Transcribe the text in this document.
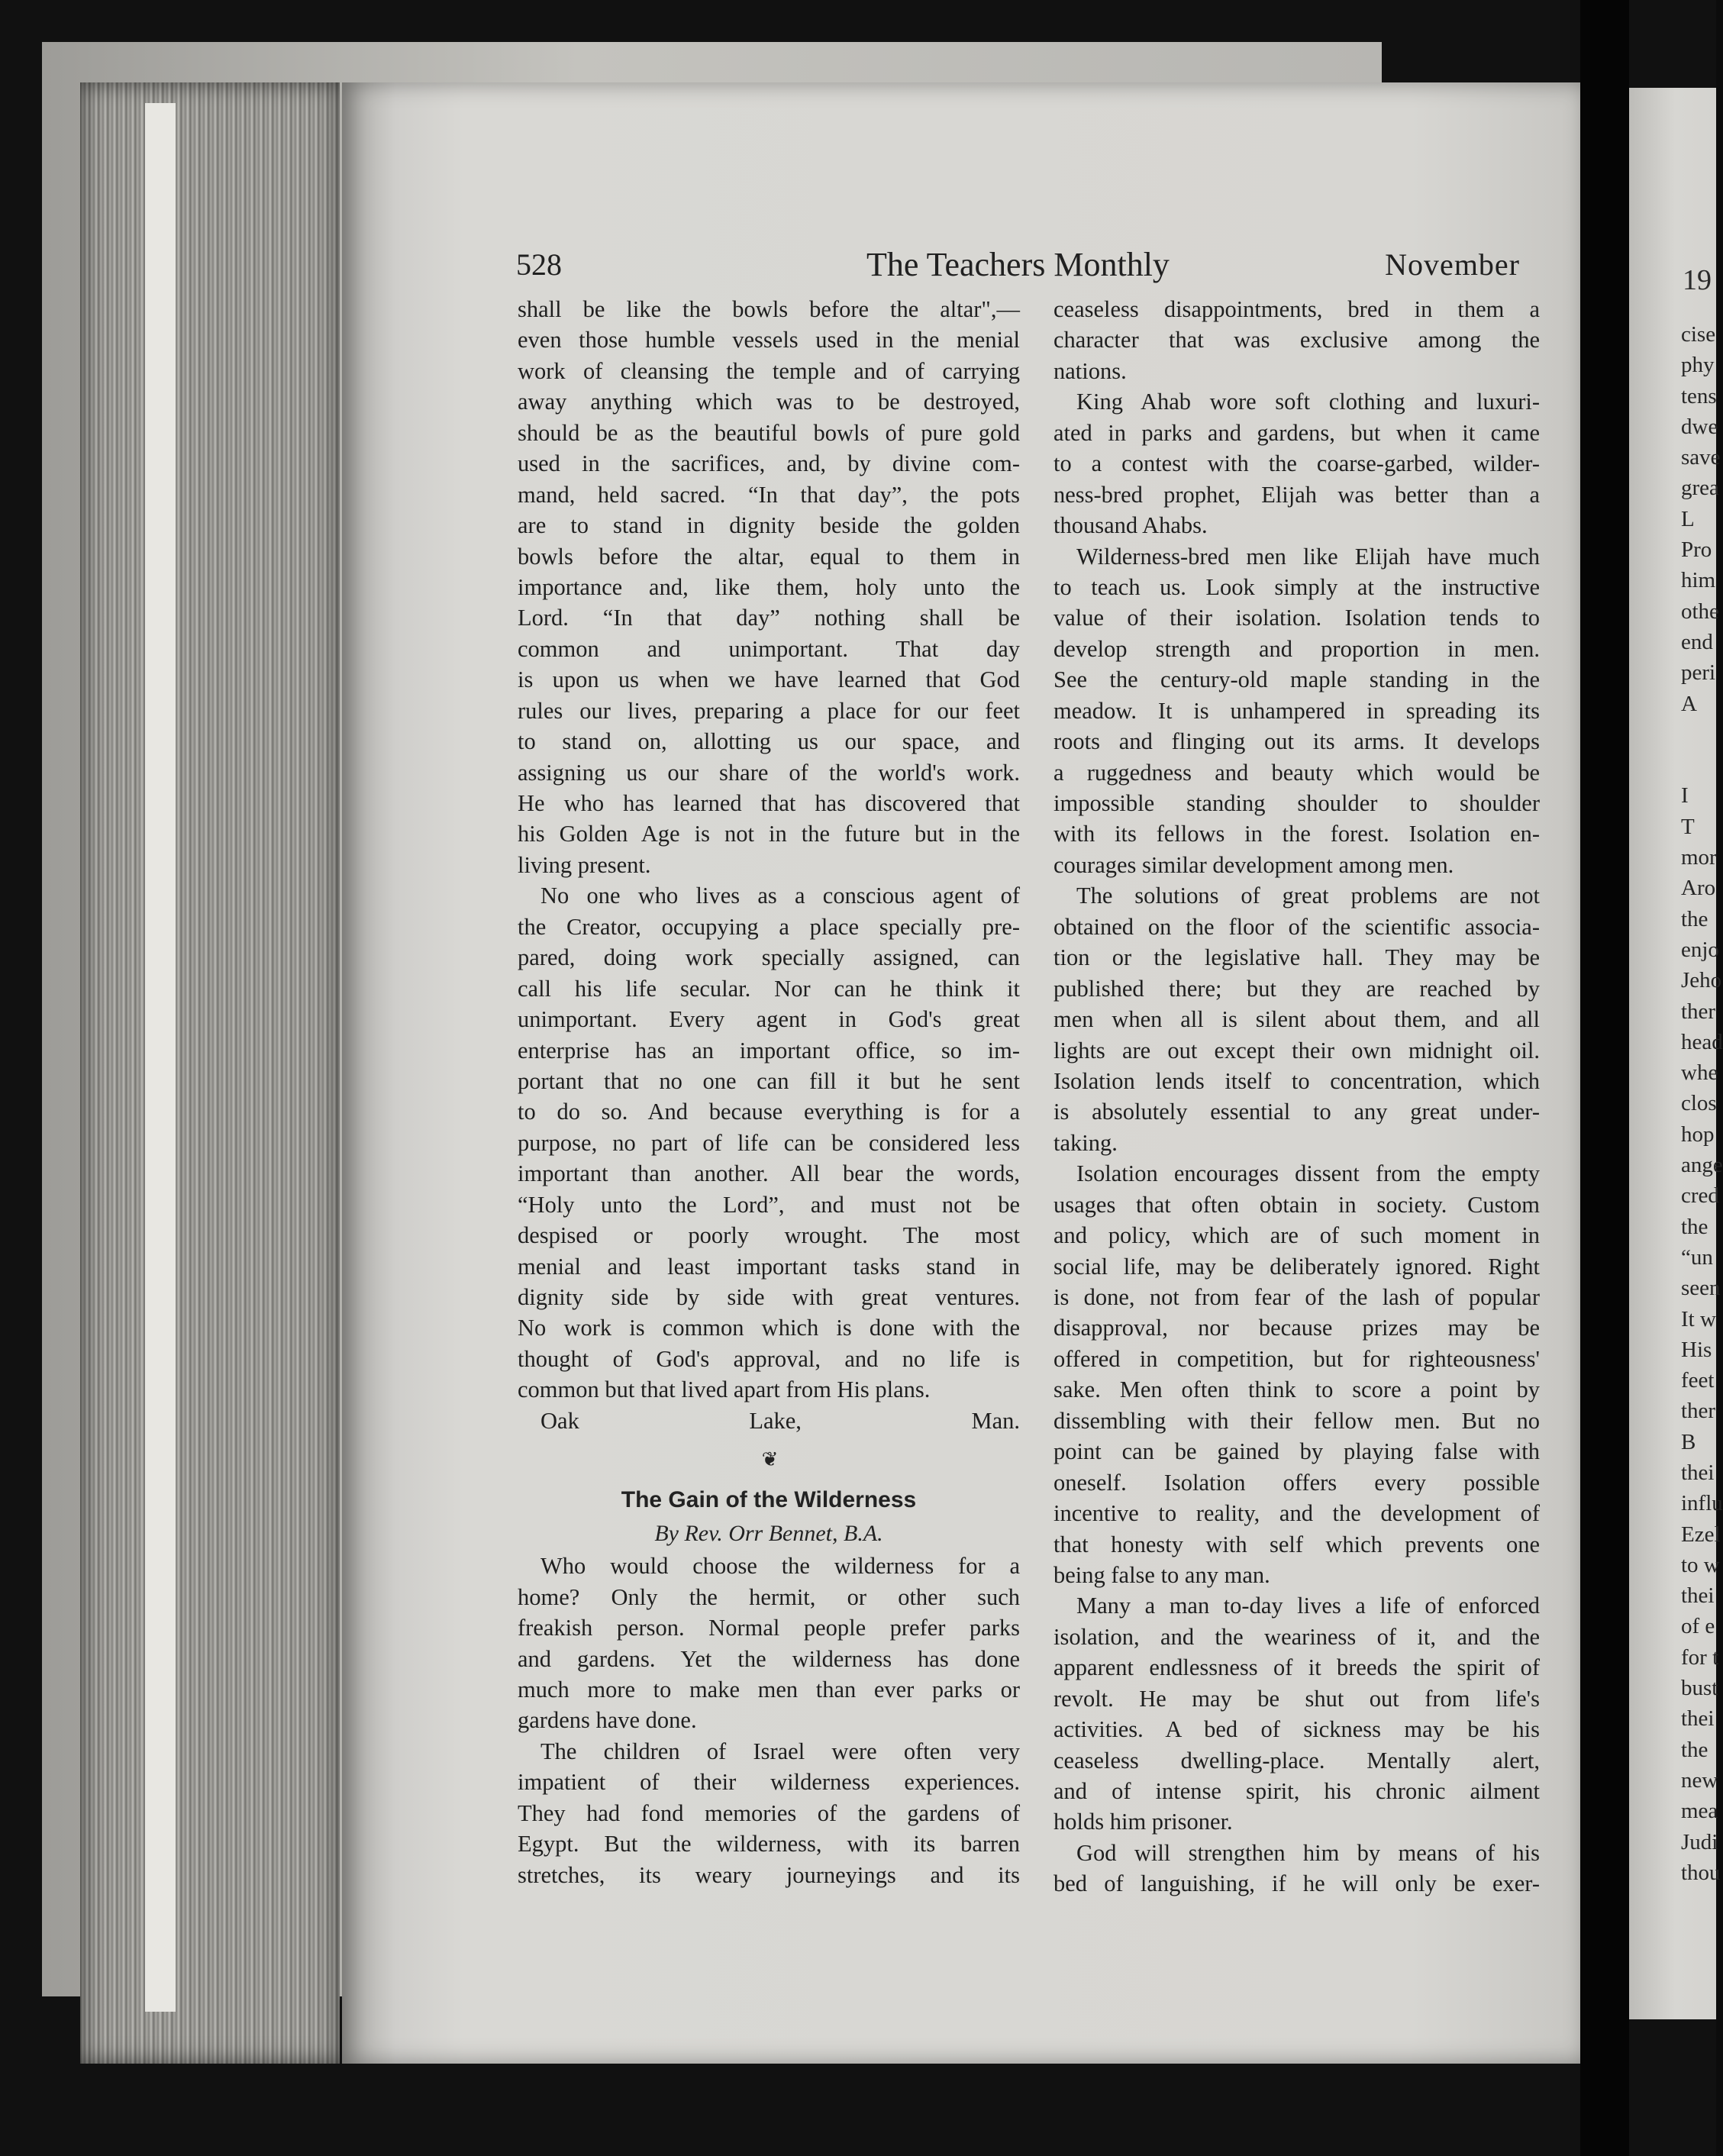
528	The Teachers Monthly	November
shall be like the bowls before the altar",—
even those humble vessels used in the menial
work of cleansing the temple and of carrying
away anything which was to be destroyed,
should be as the beautiful bowls of pure gold
used in the sacrifices, and, by divine com-
mand, held sacred. “In that day”, the pots
are to stand in dignity beside the golden
bowls before the altar, equal to them in
importance and, like them, holy unto the
Lord. “In that day” nothing shall be
common and unimportant. That day
is upon us when we have learned that God
rules our lives, preparing a place for our feet
to stand on, allotting us our space, and
assigning us our share of the world's work.
He who has learned that has discovered that
his Golden Age is not in the future but in the
living present.
No one who lives as a conscious agent of
the Creator, occupying a place specially pre-
pared, doing work specially assigned, can
call his life secular. Nor can he think it
unimportant. Every agent in God's great
enterprise has an important office, so im-
portant that no one can fill it but he sent
to do so. And because everything is for a
purpose, no part of life can be considered less
important than another. All bear the words,
“Holy unto the Lord”, and must not be
despised or poorly wrought. The most
menial and least important tasks stand in
dignity side by side with great ventures.
No work is common which is done with the
thought of God's approval, and no life is
common but that lived apart from His plans.
Oak Lake, Man.
❦
The Gain of the Wilderness
By Rev. Orr Bennet, B.A.
Who would choose the wilderness for a
home? Only the hermit, or other such
freakish person. Normal people prefer parks
and gardens. Yet the wilderness has done
much more to make men than ever parks or
gardens have done.
The children of Israel were often very
impatient of their wilderness experiences.
They had fond memories of the gardens of
Egypt. But the wilderness, with its barren
stretches, its weary journeyings and its
ceaseless disappointments, bred in them a
character that was exclusive among the
nations.
King Ahab wore soft clothing and luxuri-
ated in parks and gardens, but when it came
to a contest with the coarse-garbed, wilder-
ness-bred prophet, Elijah was better than a
thousand Ahabs.
Wilderness-bred men like Elijah have much
to teach us. Look simply at the instructive
value of their isolation. Isolation tends to
develop strength and proportion in men.
See the century-old maple standing in the
meadow. It is unhampered in spreading its
roots and flinging out its arms. It develops
a ruggedness and beauty which would be
impossible standing shoulder to shoulder
with its fellows in the forest. Isolation en-
courages similar development among men.
The solutions of great problems are not
obtained on the floor of the scientific associa-
tion or the legislative hall. They may be
published there; but they are reached by
men when all is silent about them, and all
lights are out except their own midnight oil.
Isolation lends itself to concentration, which
is absolutely essential to any great under-
taking.
Isolation encourages dissent from the empty
usages that often obtain in society. Custom
and policy, which are of such moment in
social life, may be deliberately ignored. Right
is done, not from fear of the lash of popular
disapproval, nor because prizes may be
offered in competition, but for righteousness'
sake. Men often think to score a point by
dissembling with their fellow men. But no
point can be gained by playing false with
oneself. Isolation offers every possible
incentive to reality, and the development of
that honesty with self which prevents one
being false to any man.
Many a man to-day lives a life of enforced
isolation, and the weariness of it, and the
apparent endlessness of it breeds the spirit of
revolt. He may be shut out from life's
activities. A bed of sickness may be his
ceaseless dwelling-place. Mentally alert,
and of intense spirit, his chronic ailment
holds him prisoner.
God will strengthen him by means of his
bed of languishing, if he will only be exer-
19
cise
phy
tens
dwe
save
grea
L
Pro
him
othe
end
peri
A
I
T
mor
Aro
the
enjo
Jeho
ther
head
whe
clos
hop
ange
cred
the
“un
seen
It w
His
feet
ther
B
thei
influ
Ezel
to w
thei
of e
for t
bust
thei
the
new
mea
Judi
thou
